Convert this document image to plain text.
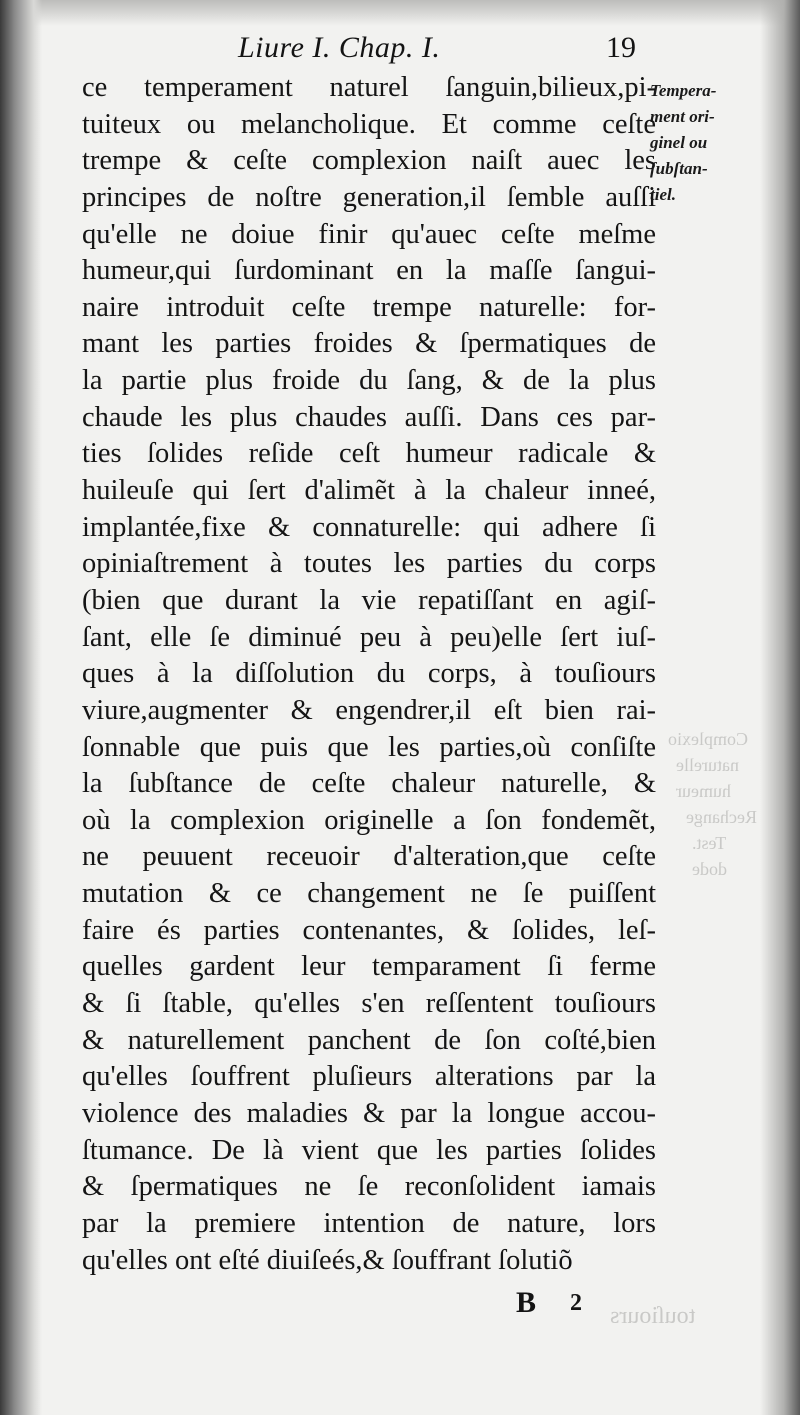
Complexio
naturelle
humeur
Rechange
Test.
dode
touſiours
Liure I. Chap. I.	19
Tempera-
ment ori-
ginel ou
ſubſtan-
tiel.
ce temperament naturel ſanguin,bilieux,pi-
tuiteux ou melancholique. Et comme ceſte
trempe & ceſte complexion naiſt auec les
principes de noſtre generation,il ſemble auſſi
qu'elle ne doiue finir qu'auec ceſte meſme
humeur,qui ſurdominant en la maſſe ſangui-
naire introduit ceſte trempe naturelle: for-
mant les parties froides & ſpermatiques de
la partie plus froide du ſang, & de la plus
chaude les plus chaudes auſſi. Dans ces par-
ties ſolides reſide ceſt humeur radicale &
huileuſe qui ſert d'alimẽt à la chaleur inneé,
implantée,fixe & connaturelle: qui adhere ſi
opiniaſtrement à toutes les parties du corps
(bien que durant la vie repatiſſant en agiſ-
ſant, elle ſe diminué peu à peu)elle ſert iuſ-
ques à la diſſolution du corps, à touſiours
viure,augmenter & engendrer,il eſt bien rai-
ſonnable que puis que les parties,où conſiſte
la ſubſtance de ceſte chaleur naturelle, &
où la complexion originelle a ſon fondemẽt,
ne peuuent receuoir d'alteration,que ceſte
mutation & ce changement ne ſe puiſſent
faire és parties contenantes, & ſolides, leſ-
quelles gardent leur temparament ſi ferme
& ſi ſtable, qu'elles s'en reſſentent touſiours
& naturellement panchent de ſon coſté,bien
qu'elles ſouffrent pluſieurs alterations par la
violence des maladies & par la longue accou-
ſtumance. De là vient que les parties ſolides
& ſpermatiques ne ſe reconſolident iamais
par la premiere intention de nature, lors
qu'elles ont eſté diuiſeés,& ſouffrant ſolutiõ
B 2
